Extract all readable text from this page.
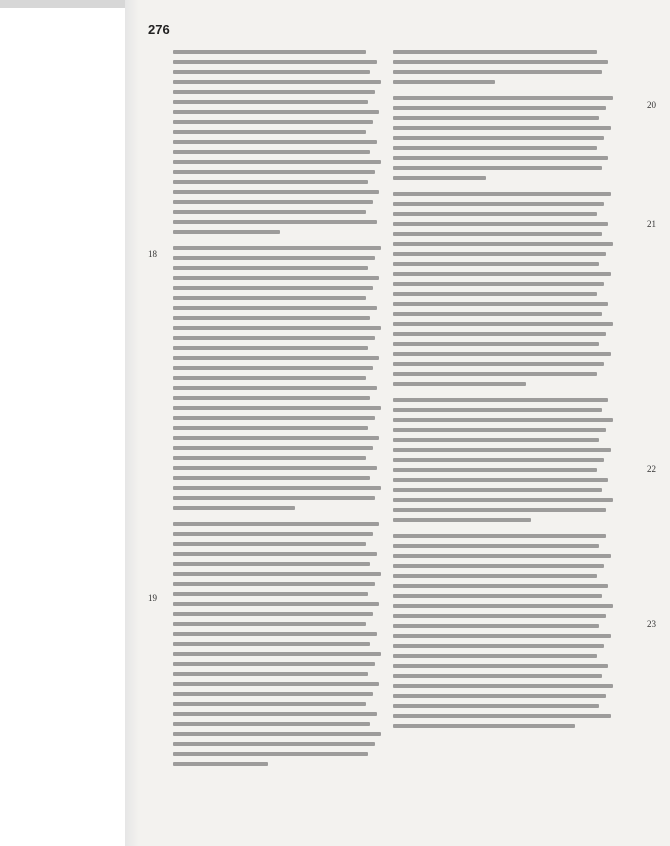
276
18
19
20
21
22
23
